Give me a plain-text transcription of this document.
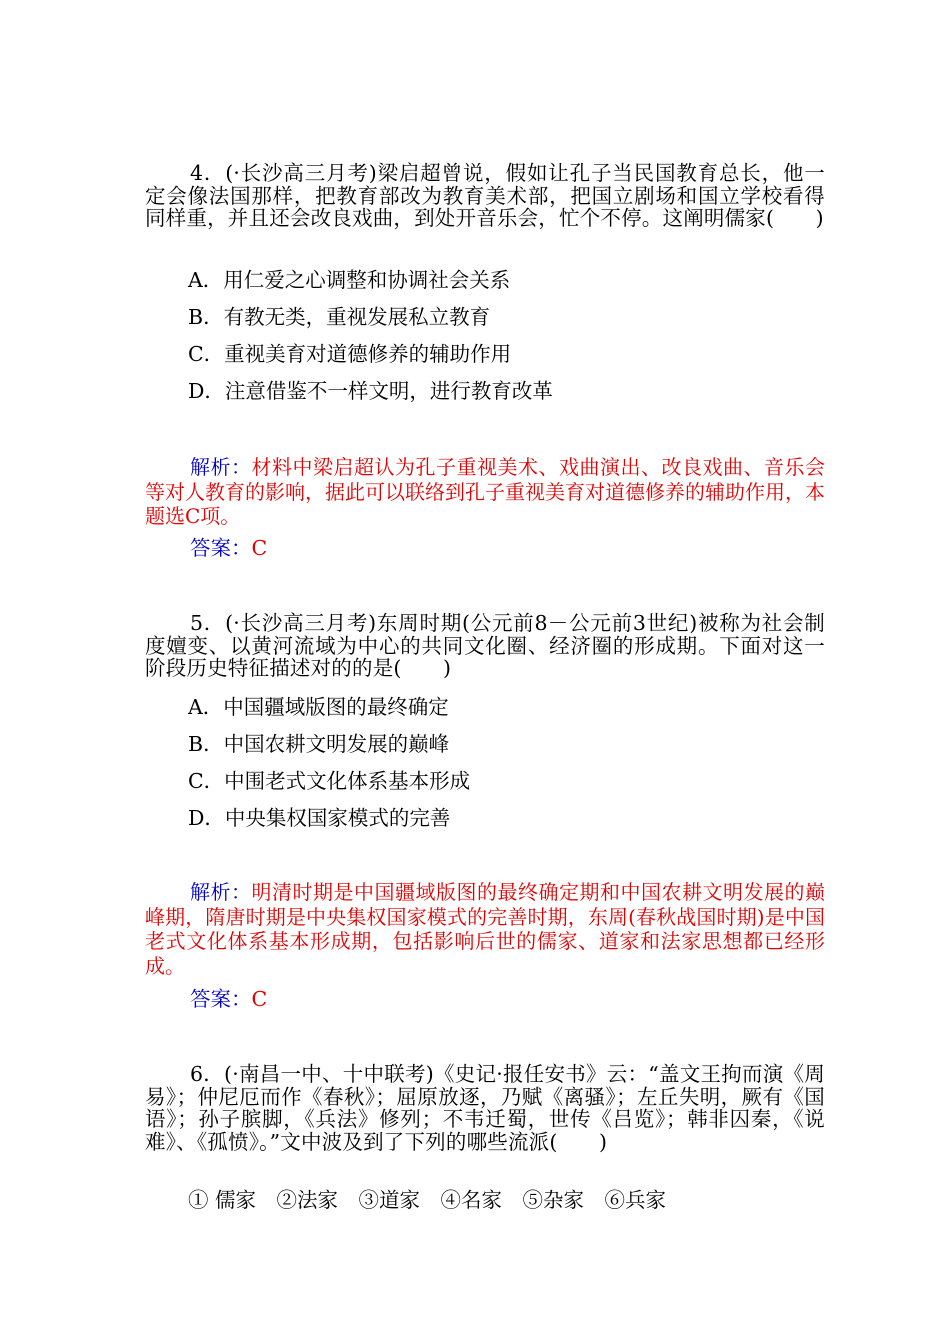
4．(·长沙高三月考)梁启超曾说，假如让孔子当民国教育总长，他一定会像法国那样，把教育部改为教育美术部，把国立剧场和国立学校看得同样重，并且还会改良戏曲，到处开音乐会，忙个不停。这阐明儒家(　　)
A．用仁爱之心调整和协调社会关系
B．有教无类，重视发展私立教育
C．重视美育对道德修养的辅助作用
D．注意借鉴不一样文明，进行教育改革
解析：材料中梁启超认为孔子重视美术、戏曲演出、改良戏曲、音乐会等对人教育的影响，据此可以联络到孔子重视美育对道德修养的辅助作用，本题选C项。
答案：C
5．(·长沙高三月考)东周时期(公元前8－公元前3世纪)被称为社会制度嬗变、以黄河流域为中心的共同文化圈、经济圈的形成期。下面对这一阶段历史特征描述对的的是(　　)
A．中国疆域版图的最终确定
B．中国农耕文明发展的巅峰
C．中围老式文化体系基本形成
D．中央集权国家模式的完善
解析：明清时期是中国疆域版图的最终确定期和中国农耕文明发展的巅峰期，隋唐时期是中央集权国家模式的完善时期，东周(春秋战国时期)是中国老式文化体系基本形成期，包括影响后世的儒家、道家和法家思想都已经形成。
答案：C
6．(·南昌一中、十中联考)《史记·报任安书》云：“盖文王拘而演《周易》；仲尼厄而作《春秋》；屈原放逐，乃赋《离骚》；左丘失明，厥有《国语》；孙子膑脚，《兵法》修列；不韦迁蜀，世传《吕览》；韩非囚秦，《说难》、《孤愤》。”文中波及到了下列的哪些流派(　　)
① 儒家　②法家　③道家　④名家　⑤杂家　⑥兵家
